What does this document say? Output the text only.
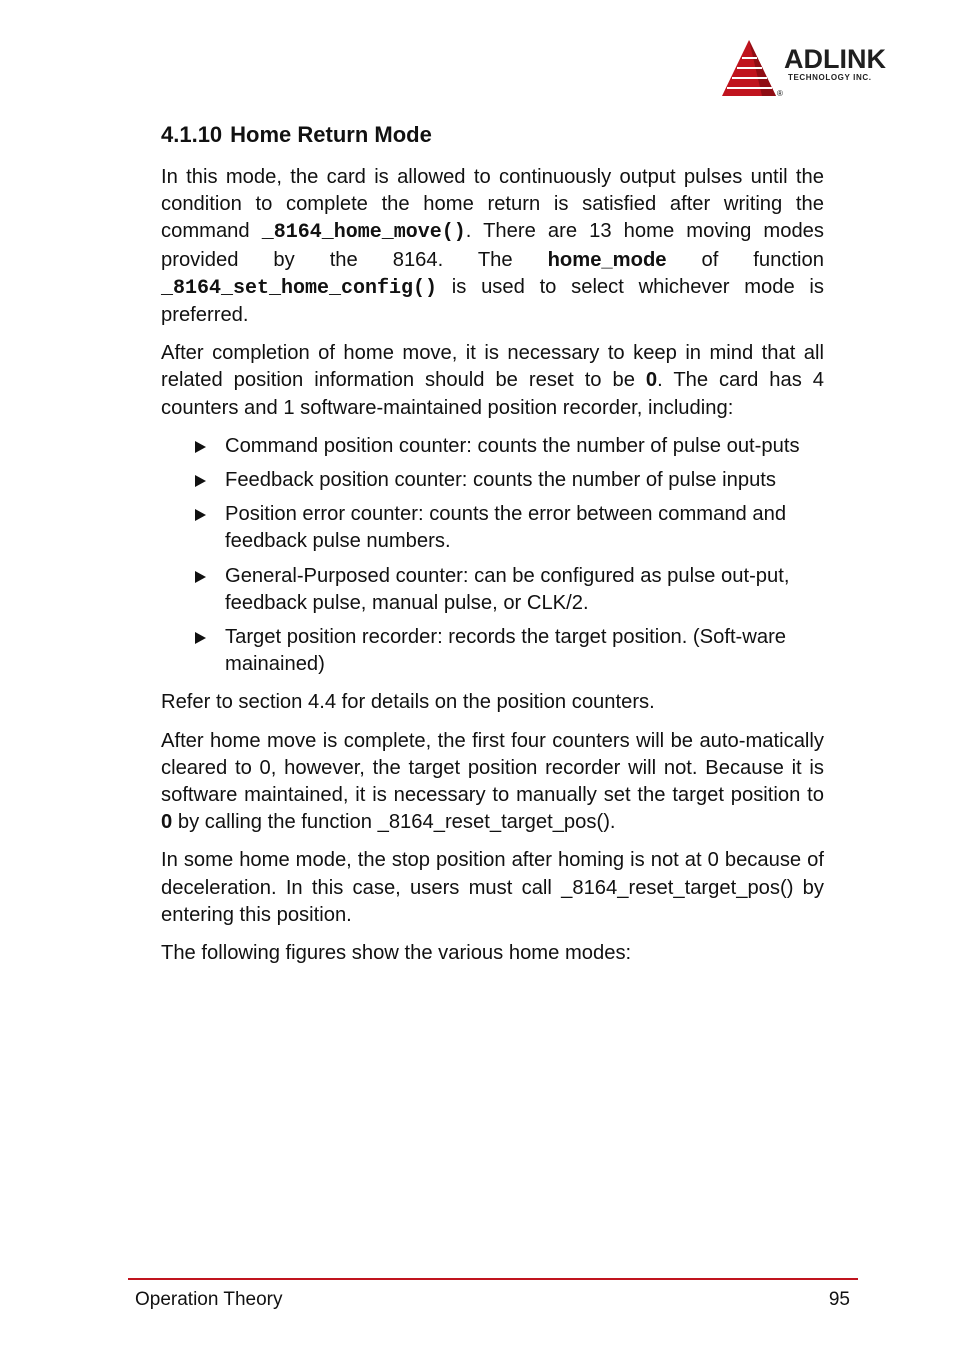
ADLINK
TECHNOLOGY INC.
®
4.1.10 Home Return Mode

In this mode, the card is allowed to continuously output pulses until the condition to complete the home return is satisfied after writing the command _8164_home_move(). There are 13 home moving modes provided by the 8164. The home_mode of function _8164_set_home_config() is used to select whichever mode is preferred.

After completion of home move, it is necessary to keep in mind that all related position information should be reset to be 0. The card has 4 counters and 1 software-maintained position recorder, including:

Command position counter: counts the number of pulse out-puts
Feedback position counter: counts the number of pulse inputs
Position error counter: counts the error between command and feedback pulse numbers.
General-Purposed counter: can be configured as pulse out-put, feedback pulse, manual pulse, or CLK/2.
Target position recorder: records the target position. (Soft-ware mainained)

Refer to section 4.4 for details on the position counters.

After home move is complete, the first four counters will be auto-matically cleared to 0, however, the target position recorder will not. Because it is software maintained, it is necessary to manually set the target position to 0 by calling the function _8164_reset_target_pos().

In some home mode, the stop position after homing is not at 0 because of deceleration. In this case, users must call _8164_reset_target_pos() by entering this position.

The following figures show the various home modes:

Operation Theory	95
